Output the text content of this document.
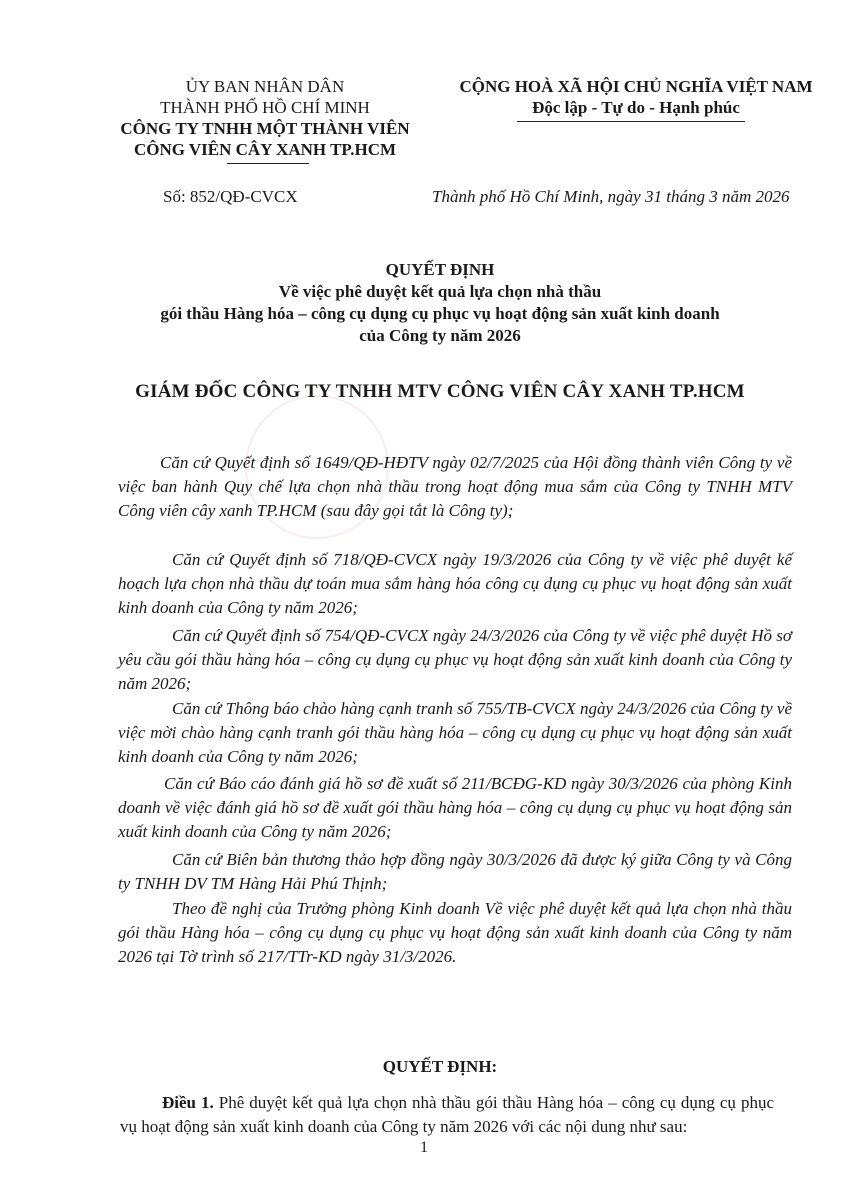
ỦY BAN NHÂN DÂN
THÀNH PHỐ HỒ CHÍ MINH
CÔNG TY TNHH MỘT THÀNH VIÊN
CÔNG VIÊN CÂY XANH TP.HCM
CỘNG HOÀ XÃ HỘI CHỦ NGHĨA VIỆT NAM
Độc lập - Tự do - Hạnh phúc
Số: 852/QĐ-CVCX	Thành phố Hồ Chí Minh, ngày 31 tháng 3 năm 2026
QUYẾT ĐỊNH
Về việc phê duyệt kết quả lựa chọn nhà thầu
gói thầu Hàng hóa – công cụ dụng cụ phục vụ hoạt động sản xuất kinh doanh
của Công ty năm 2026
GIÁM ĐỐC CÔNG TY TNHH MTV CÔNG VIÊN CÂY XANH TP.HCM

Căn cứ Quyết định số 1649/QĐ-HĐTV ngày 02/7/2025 của Hội đồng thành viên Công ty về việc ban hành Quy chế lựa chọn nhà thầu trong hoạt động mua sắm của Công ty TNHH MTV Công viên cây xanh TP.HCM (sau đây gọi tắt là Công ty);

Căn cứ Quyết định số 718/QĐ-CVCX ngày 19/3/2026 của Công ty về việc phê duyệt kế hoạch lựa chọn nhà thầu dự toán mua sắm hàng hóa công cụ dụng cụ phục vụ hoạt động sản xuất kinh doanh của Công ty năm 2026;

Căn cứ Quyết định số 754/QĐ-CVCX ngày 24/3/2026 của Công ty về việc phê duyệt Hồ sơ yêu cầu gói thầu hàng hóa – công cụ dụng cụ phục vụ hoạt động sản xuất kinh doanh của Công ty năm 2026;

Căn cứ Thông báo chào hàng cạnh tranh số 755/TB-CVCX ngày 24/3/2026 của Công ty về việc mời chào hàng cạnh tranh gói thầu hàng hóa – công cụ dụng cụ phục vụ hoạt động sản xuất kinh doanh của Công ty năm 2026;

Căn cứ Báo cáo đánh giá hồ sơ đề xuất số 211/BCĐG-KD ngày 30/3/2026 của phòng Kinh doanh về việc đánh giá hồ sơ đề xuất gói thầu hàng hóa – công cụ dụng cụ phục vụ hoạt động sản xuất kinh doanh của Công ty năm 2026;

Căn cứ Biên bản thương thảo hợp đồng ngày 30/3/2026 đã được ký giữa Công ty và Công ty TNHH DV TM Hàng Hải Phú Thịnh;

Theo đề nghị của Trưởng phòng Kinh doanh Về việc phê duyệt kết quả lựa chọn nhà thầu gói thầu Hàng hóa – công cụ dụng cụ phục vụ hoạt động sản xuất kinh doanh của Công ty năm 2026 tại Tờ trình số 217/TTr-KD ngày 31/3/2026.

QUYẾT ĐỊNH:
Điều 1. Phê duyệt kết quả lựa chọn nhà thầu gói thầu Hàng hóa – công cụ dụng cụ phục vụ hoạt động sản xuất kinh doanh của Công ty năm 2026 với các nội dung như sau:
1
